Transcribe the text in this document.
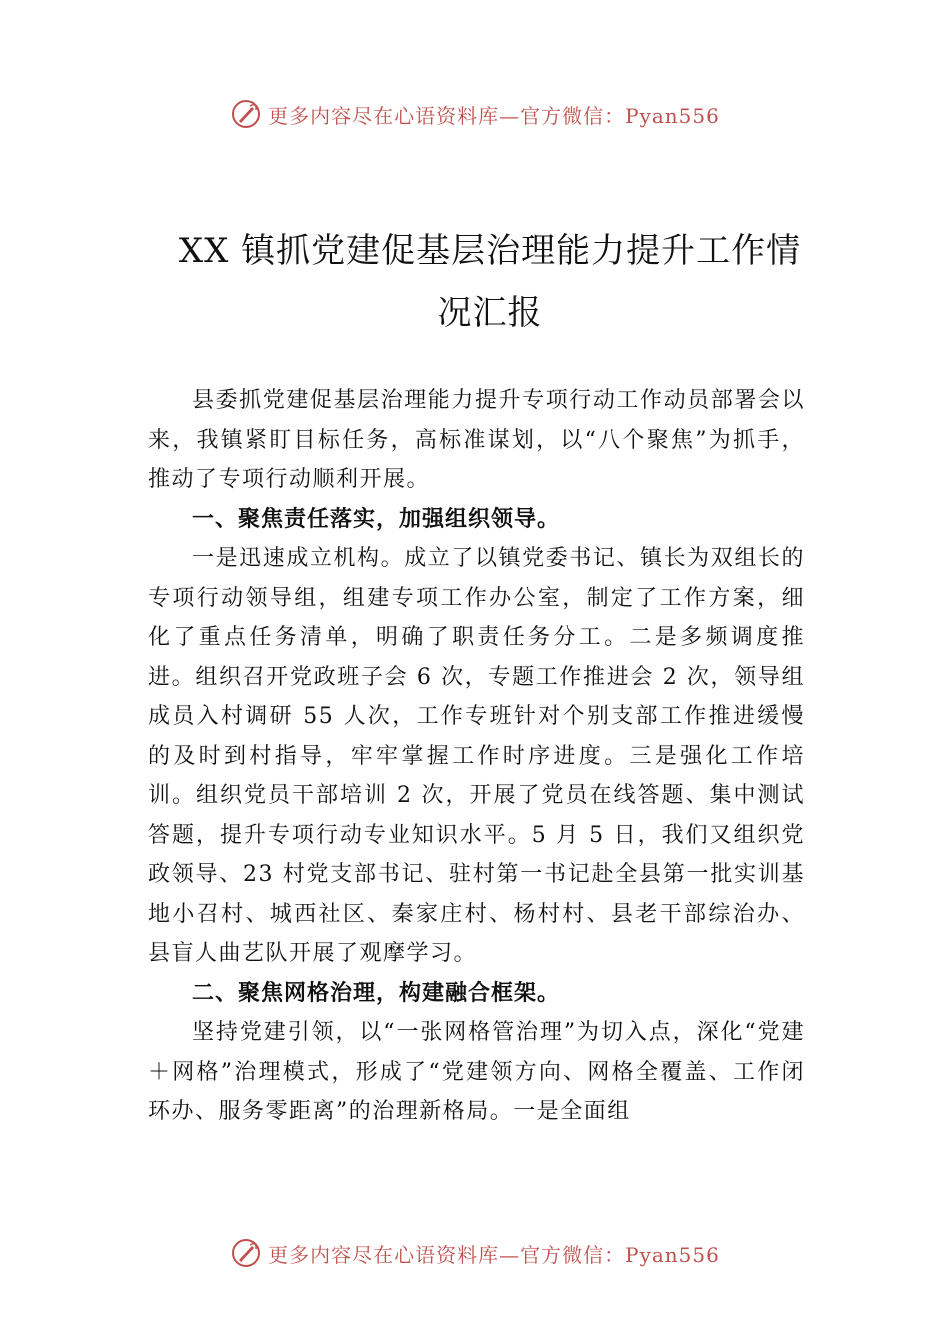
更多内容尽在心语资料库—官方微信：Pyan556
XX 镇抓党建促基层治理能力提升工作情
况汇报

县委抓党建促基层治理能力提升专项行动工作动员部署会以来，我镇紧盯目标任务，高标准谋划，以“八个聚焦”为抓手，推动了专项行动顺利开展。

一、聚焦责任落实，加强组织领导。

一是迅速成立机构。成立了以镇党委书记、镇长为双组长的专项行动领导组，组建专项工作办公室，制定了工作方案，细化了重点任务清单，明确了职责任务分工。二是多频调度推进。组织召开党政班子会 6 次，专题工作推进会 2 次，领导组成员入村调研 55 人次，工作专班针对个别支部工作推进缓慢的及时到村指导，牢牢掌握工作时序进度。三是强化工作培训。组织党员干部培训 2 次，开展了党员在线答题、集中测试答题，提升专项行动专业知识水平。5 月 5 日，我们又组织党政领导、23 村党支部书记、驻村第一书记赴全县第一批实训基地小召村、城西社区、秦家庄村、杨村村、县老干部综治办、县盲人曲艺队开展了观摩学习。

二、聚焦网格治理，构建融合框架。

坚持党建引领，以“一张网格管治理”为切入点，深化“党建＋网格”治理模式，形成了“党建领方向、网格全覆盖、工作闭环办、服务零距离”的治理新格局。一是全面组

更多内容尽在心语资料库—官方微信：Pyan556
